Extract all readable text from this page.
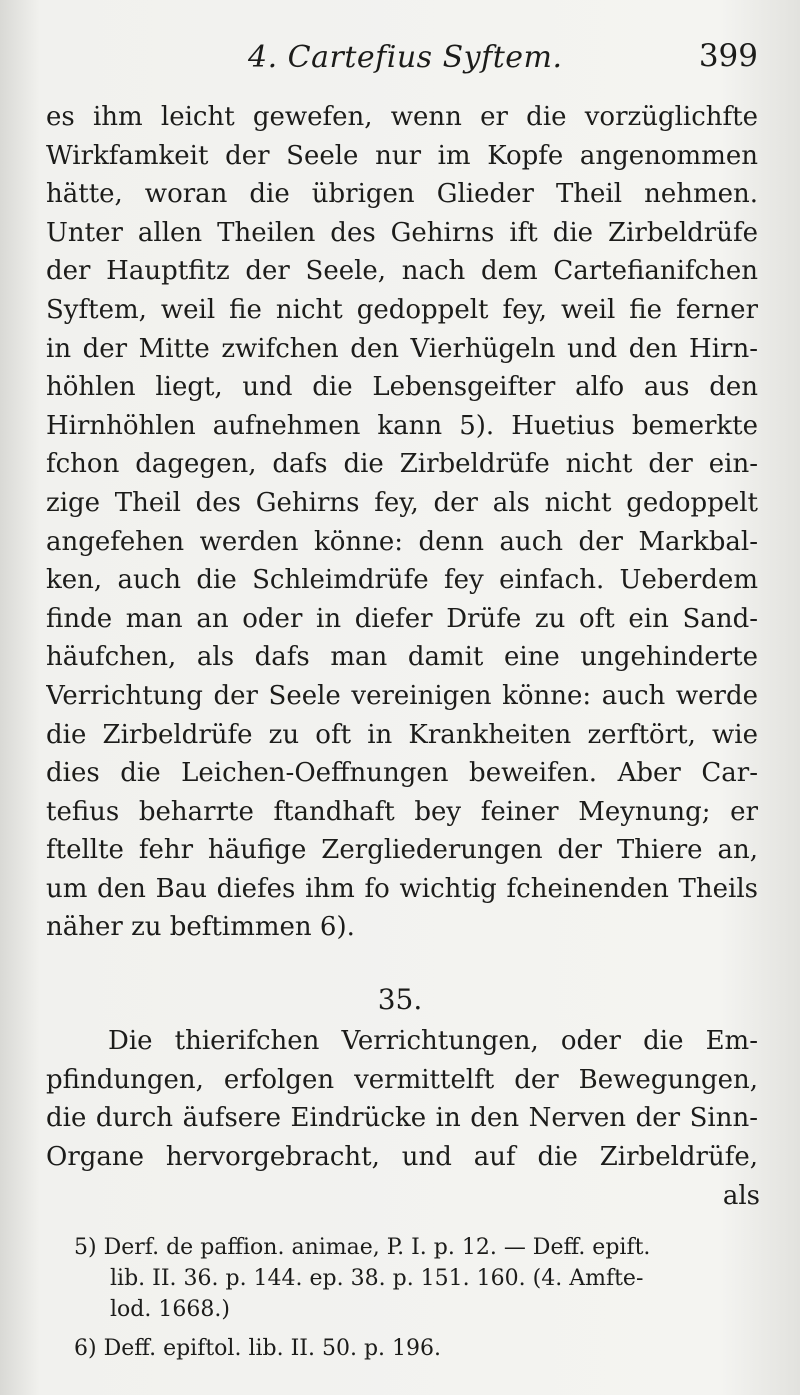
4. Cartefius Syftem.	399
es ihm leicht gewefen, wenn er die vorzüglichfte
Wirkfamkeit der Seele nur im Kopfe angenommen
hätte, woran die übrigen Glieder Theil nehmen.
Unter allen Theilen des Gehirns ift die Zirbeldrüfe
der Hauptfitz der Seele, nach dem Cartefianifchen
Syftem, weil fie nicht gedoppelt fey, weil fie ferner
in der Mitte zwifchen den Vierhügeln und den Hirn-
höhlen liegt, und die Lebensgeifter alfo aus den
Hirnhöhlen aufnehmen kann 5). Huetius bemerkte
fchon dagegen, dafs die Zirbeldrüfe nicht der ein-
zige Theil des Gehirns fey, der als nicht gedoppelt
angefehen werden könne: denn auch der Markbal-
ken, auch die Schleimdrüfe fey einfach. Ueberdem
finde man an oder in diefer Drüfe zu oft ein Sand-
häufchen, als dafs man damit eine ungehinderte
Verrichtung der Seele vereinigen könne: auch werde
die Zirbeldrüfe zu oft in Krankheiten zerftört, wie
dies die Leichen-Oeffnungen beweifen. Aber Car-
tefius beharrte ftandhaft bey feiner Meynung; er
ftellte fehr häufige Zergliederungen der Thiere an,
um den Bau diefes ihm fo wichtig fcheinenden Theils
näher zu beftimmen 6).
35.
Die thierifchen Verrichtungen, oder die Em-
pfindungen, erfolgen vermittelft der Bewegungen,
die durch äufsere Eindrücke in den Nerven der Sinn-
Organe hervorgebracht, und auf die Zirbeldrüfe,
als
5) Derf. de paffion. animae, P. I. p. 12. — Deff. epift.
lib. II. 36. p. 144. ep. 38. p. 151. 160. (4. Amfte-
lod. 1668.)
6) Deff. epiftol. lib. II. 50. p. 196.
